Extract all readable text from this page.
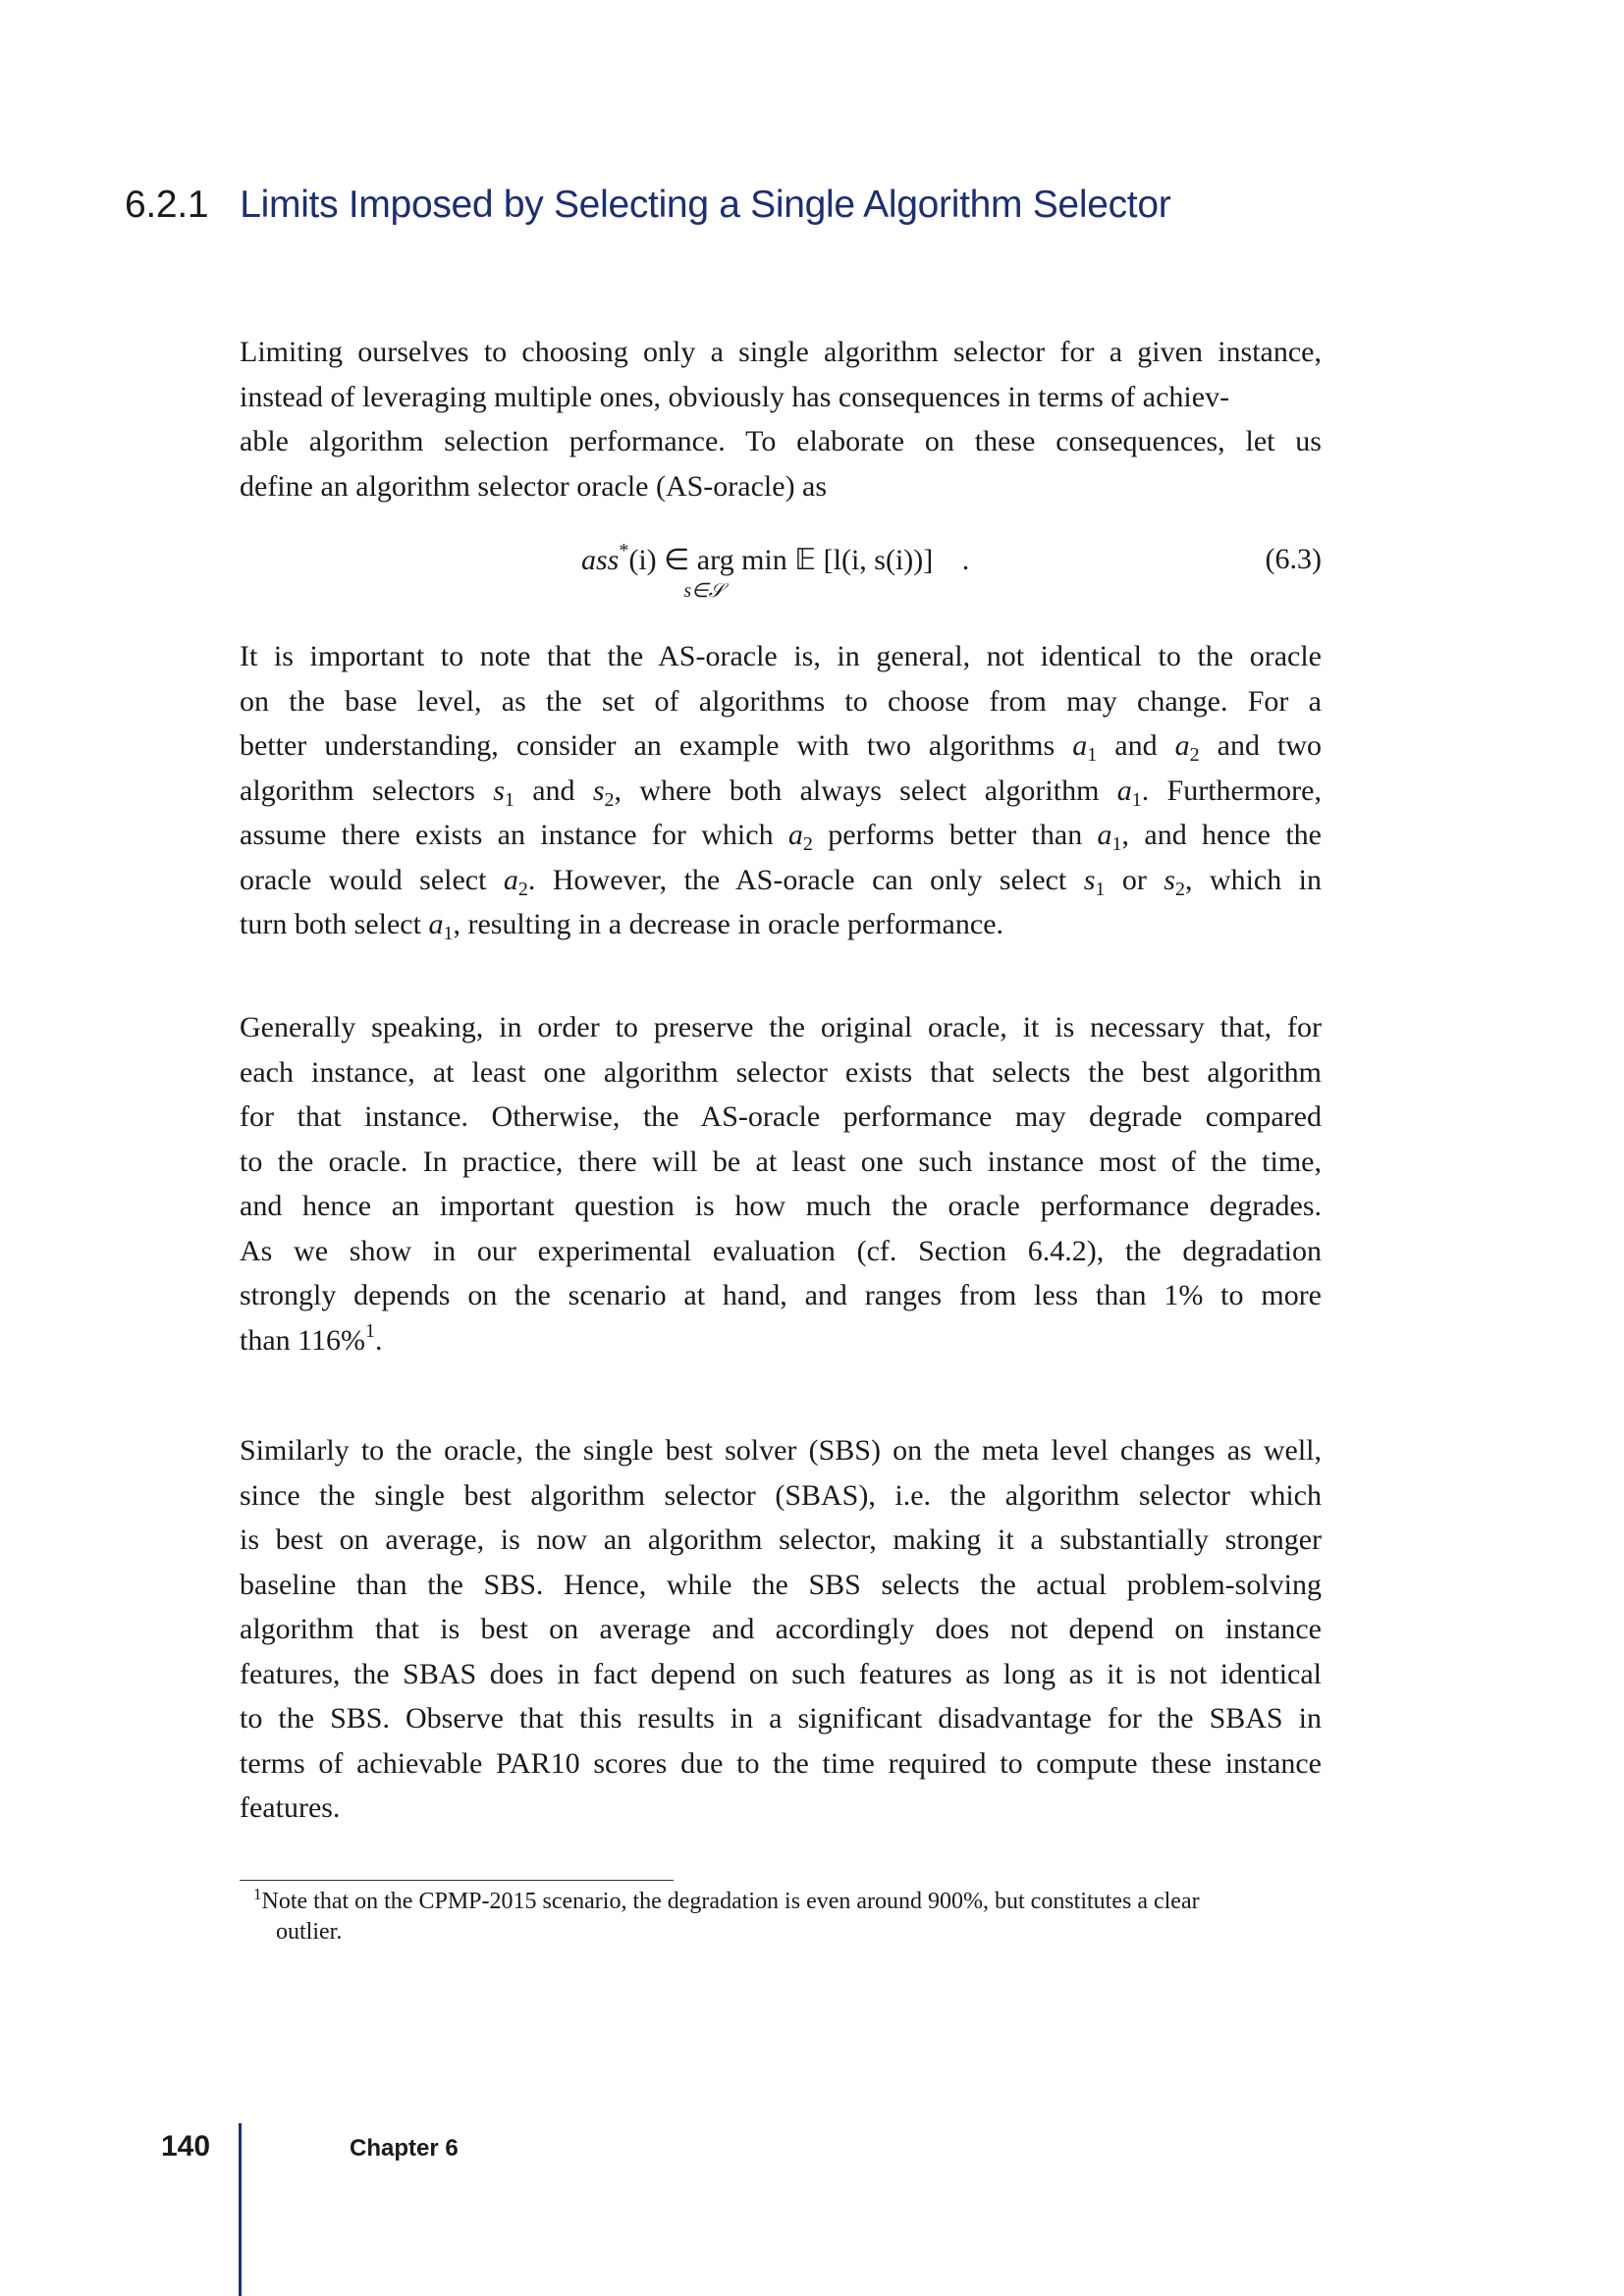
6.2.1 Limits Imposed by Selecting a Single Algorithm Selector

Limiting ourselves to choosing only a single algorithm selector for a given instance,
instead of leveraging multiple ones, obviously has consequences in terms of achiev-
able algorithm selection performance. To elaborate on these consequences, let us
define an algorithm selector oracle (AS-oracle) as

ass*(i) ∈ arg min 𝔼 [l(i, s(i))]
s∈𝒮
.	(6.3)

It is important to note that the AS-oracle is, in general, not identical to the oracle
on the base level, as the set of algorithms to choose from may change. For a
better understanding, consider an example with two algorithms $a_1$ and $a_2$ and two
algorithm selectors $s_1$ and $s_2$, where both always select algorithm $a_1$. Furthermore,
assume there exists an instance for which $a_2$ performs better than $a_1$, and hence the
oracle would select $a_2$. However, the AS-oracle can only select $s_1$ or $s_2$, which in
turn both select $a_1$, resulting in a decrease in oracle performance.

Generally speaking, in order to preserve the original oracle, it is necessary that, for
each instance, at least one algorithm selector exists that selects the best algorithm
for that instance. Otherwise, the AS-oracle performance may degrade compared
to the oracle. In practice, there will be at least one such instance most of the time,
and hence an important question is how much the oracle performance degrades.
As we show in our experimental evaluation (cf. Section 6.4.2), the degradation
strongly depends on the scenario at hand, and ranges from less than 1% to more
than 116%$^1$.

Similarly to the oracle, the single best solver (SBS) on the meta level changes as well,
since the single best algorithm selector (SBAS), i.e. the algorithm selector which
is best on average, is now an algorithm selector, making it a substantially stronger
baseline than the SBS. Hence, while the SBS selects the actual problem-solving
algorithm that is best on average and accordingly does not depend on instance
features, the SBAS does in fact depend on such features as long as it is not identical
to the SBS. Observe that this results in a significant disadvantage for the SBAS in
terms of achievable PAR10 scores due to the time required to compute these instance
features.

$^1$Note that on the CPMP-2015 scenario, the degradation is even around 900%, but constitutes a clear
outlier.
140	Chapter 6
